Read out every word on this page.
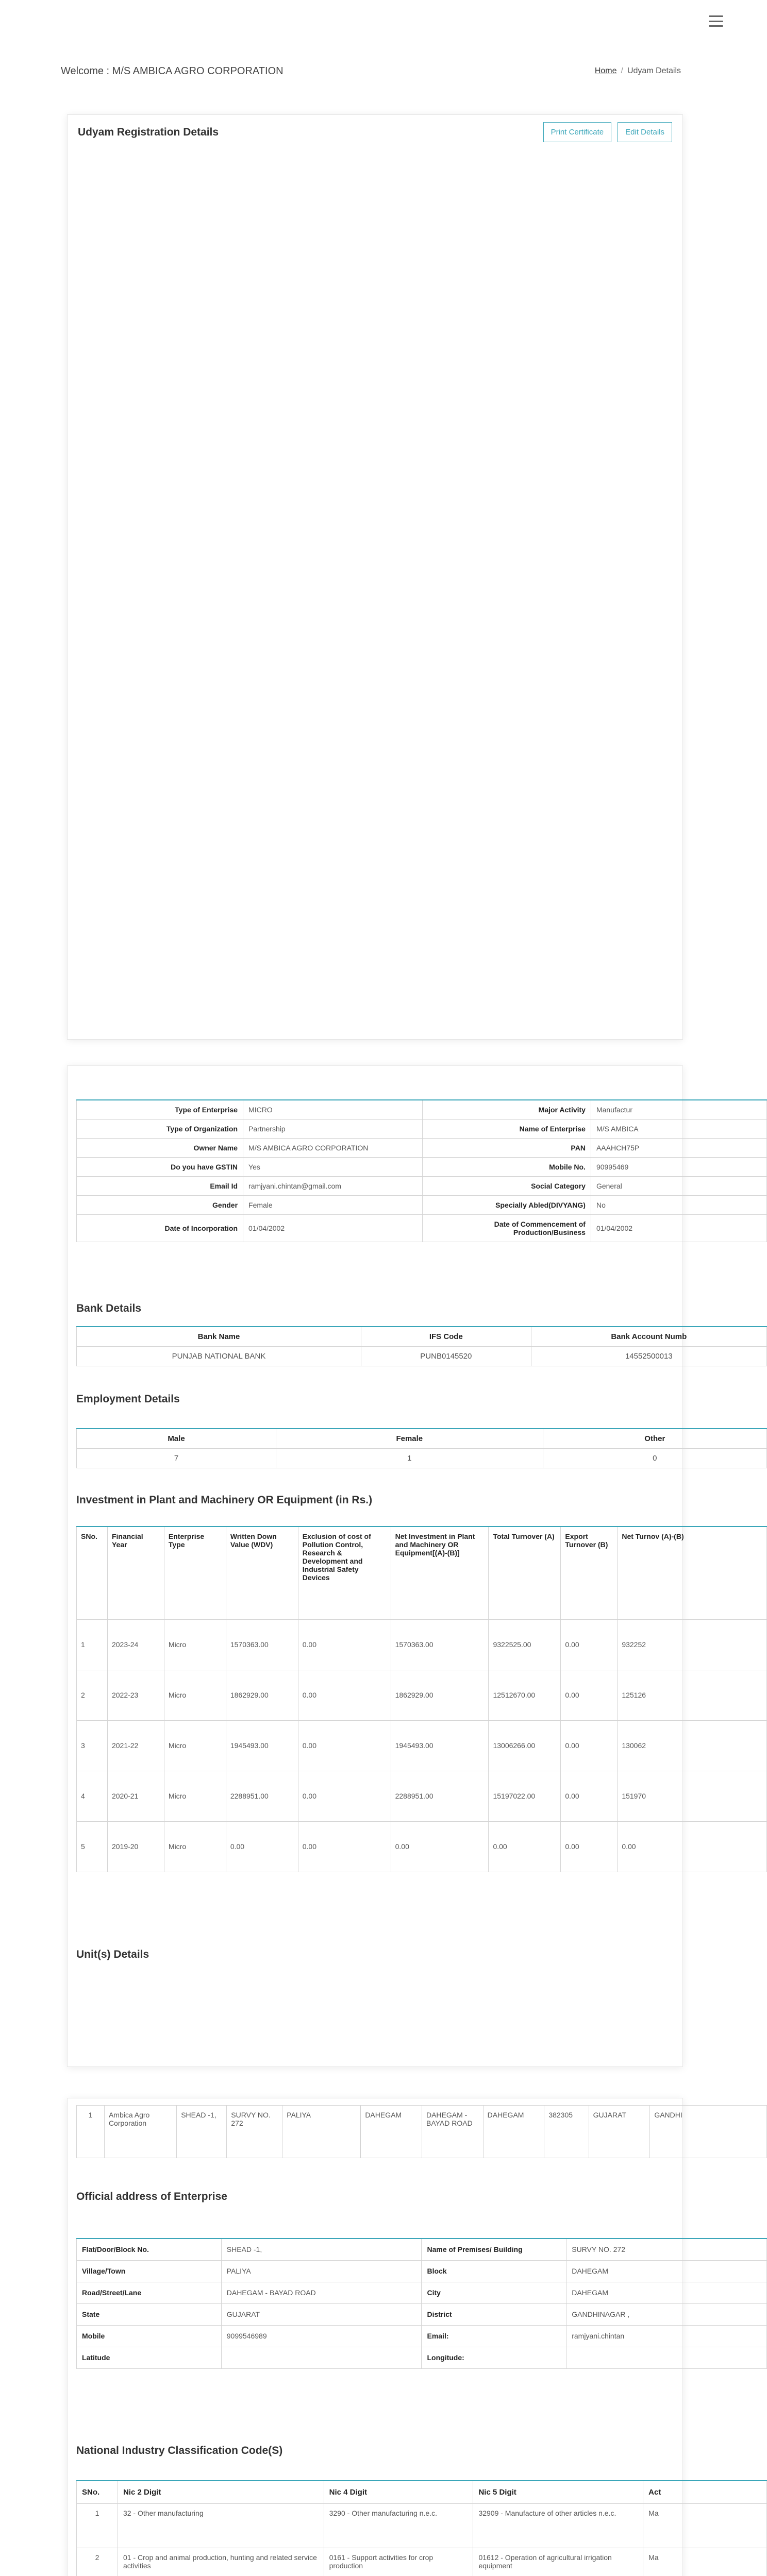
Welcome : M/S AMBICA AGRO CORPORATION	Home / Udyam Details
Udyam Registration Details	Print Certificate	Edit Details
Type of Enterprise	MICRO	Major Activity	Manufactur
Type of Organization	Partnership	Name of Enterprise	M/S AMBICA
Owner Name	M/S AMBICA AGRO CORPORATION	PAN	AAAHCH75P
Do you have GSTIN	Yes	Mobile No.	90995469
Email Id	ramjyani.chintan@gmail.com	Social Category	General
Gender	Female	Specially Abled(DIVYANG)	No
Date of Incorporation	01/04/2002	Date of Commencement of Production/Business	01/04/2002
Bank Details
Bank Name	IFS Code	Bank Account Numb
PUNJAB NATIONAL BANK	PUNB0145520	14552500013
Employment Details
Male	Female	Other
7	1	0
Investment in Plant and Machinery OR Equipment (in Rs.)
SNo.	Financial Year	Enterprise Type	Written Down Value (WDV)	Exclusion of cost of Pollution Control, Research & Development and Industrial Safety Devices	Net Investment in Plant and Machinery OR Equipment[(A)-(B)]	Total Turnover (A)	Export Turnover (B)	Net Turnov (A)-(B)
1	2023-24	Micro	1570363.00	0.00	1570363.00	9322525.00	0.00	932252
2	2022-23	Micro	1862929.00	0.00	1862929.00	12512670.00	0.00	125126
3	2021-22	Micro	1945493.00	0.00	1945493.00	13006266.00	0.00	130062
4	2020-21	Micro	2288951.00	0.00	2288951.00	15197022.00	0.00	151970
5	2019-20	Micro	0.00	0.00	0.00	0.00	0.00	0.00
Unit(s) Details
1	Ambica Agro Corporation	SHEAD -1,	SURVY NO. 272	PALIYA		DAHEGAM	DAHEGAM - BAYAD ROAD	DAHEGAM	382305	GUJARAT	GANDHI
Official address of Enterprise
Flat/Door/Block No.	SHEAD -1,	Name of Premises/ Building	SURVY NO. 272
Village/Town	PALIYA	Block	DAHEGAM
Road/Street/Lane	DAHEGAM - BAYAD ROAD	City	DAHEGAM
State	GUJARAT	District	GANDHINAGAR ,
Mobile	9099546989	Email:	ramjyani.chintan
Latitude		Longitude:	
National Industry Classification Code(S)
SNo.	Nic 2 Digit	Nic 4 Digit	Nic 5 Digit	Act
1	32 - Other manufacturing	3290 - Other manufacturing n.e.c.	32909 - Manufacture of other articles n.e.c.	Ma
2	01 - Crop and animal production, hunting and related service activities	0161 - Support activities for crop production	01612 - Operation of agricultural irrigation equipment	Ma
